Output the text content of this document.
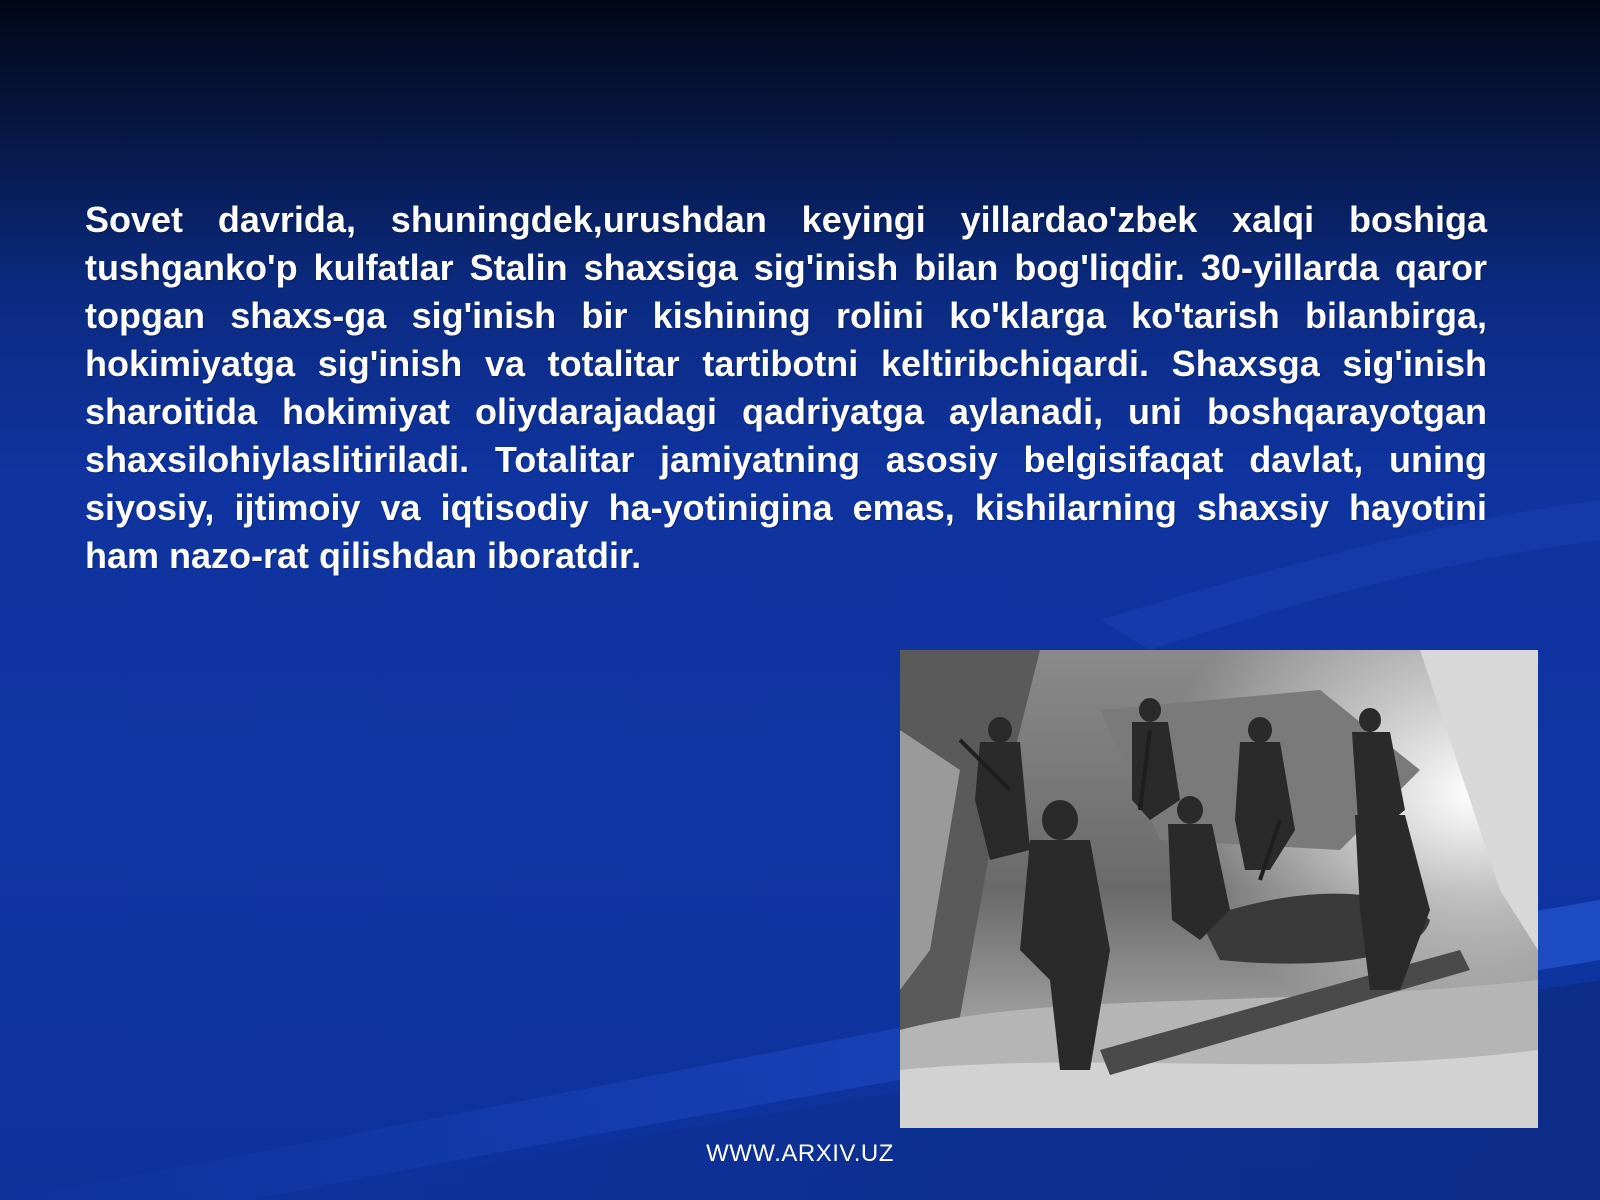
Sovet davrida, shuningdek,urushdan keyingi yillardao'zbek xalqi boshiga tushganko'p kulfatlar Stalin shaxsiga sig'inish bilan bog'liqdir. 30-yillarda qaror topgan shaxs-ga sig'inish bir kishining rolini ko'klarga ko'tarish bilanbirga, hokimiyatga sig'inish va totalitar tartibotni keltiribchiqardi. Shaxsga sig'inish sharoitida hokimiyat oliydarajadagi qadriyatga aylanadi, uni boshqarayotgan shaxsilohiylaslitiriladi. Totalitar jamiyatning asosiy belgisifaqat davlat, uning siyosiy, ijtimoiy va iqtisodiy ha-yotinigina emas, kishilarning shaxsiy hayotini ham nazo-rat qilishdan iboratdir.

WWW.ARXIV.UZ
